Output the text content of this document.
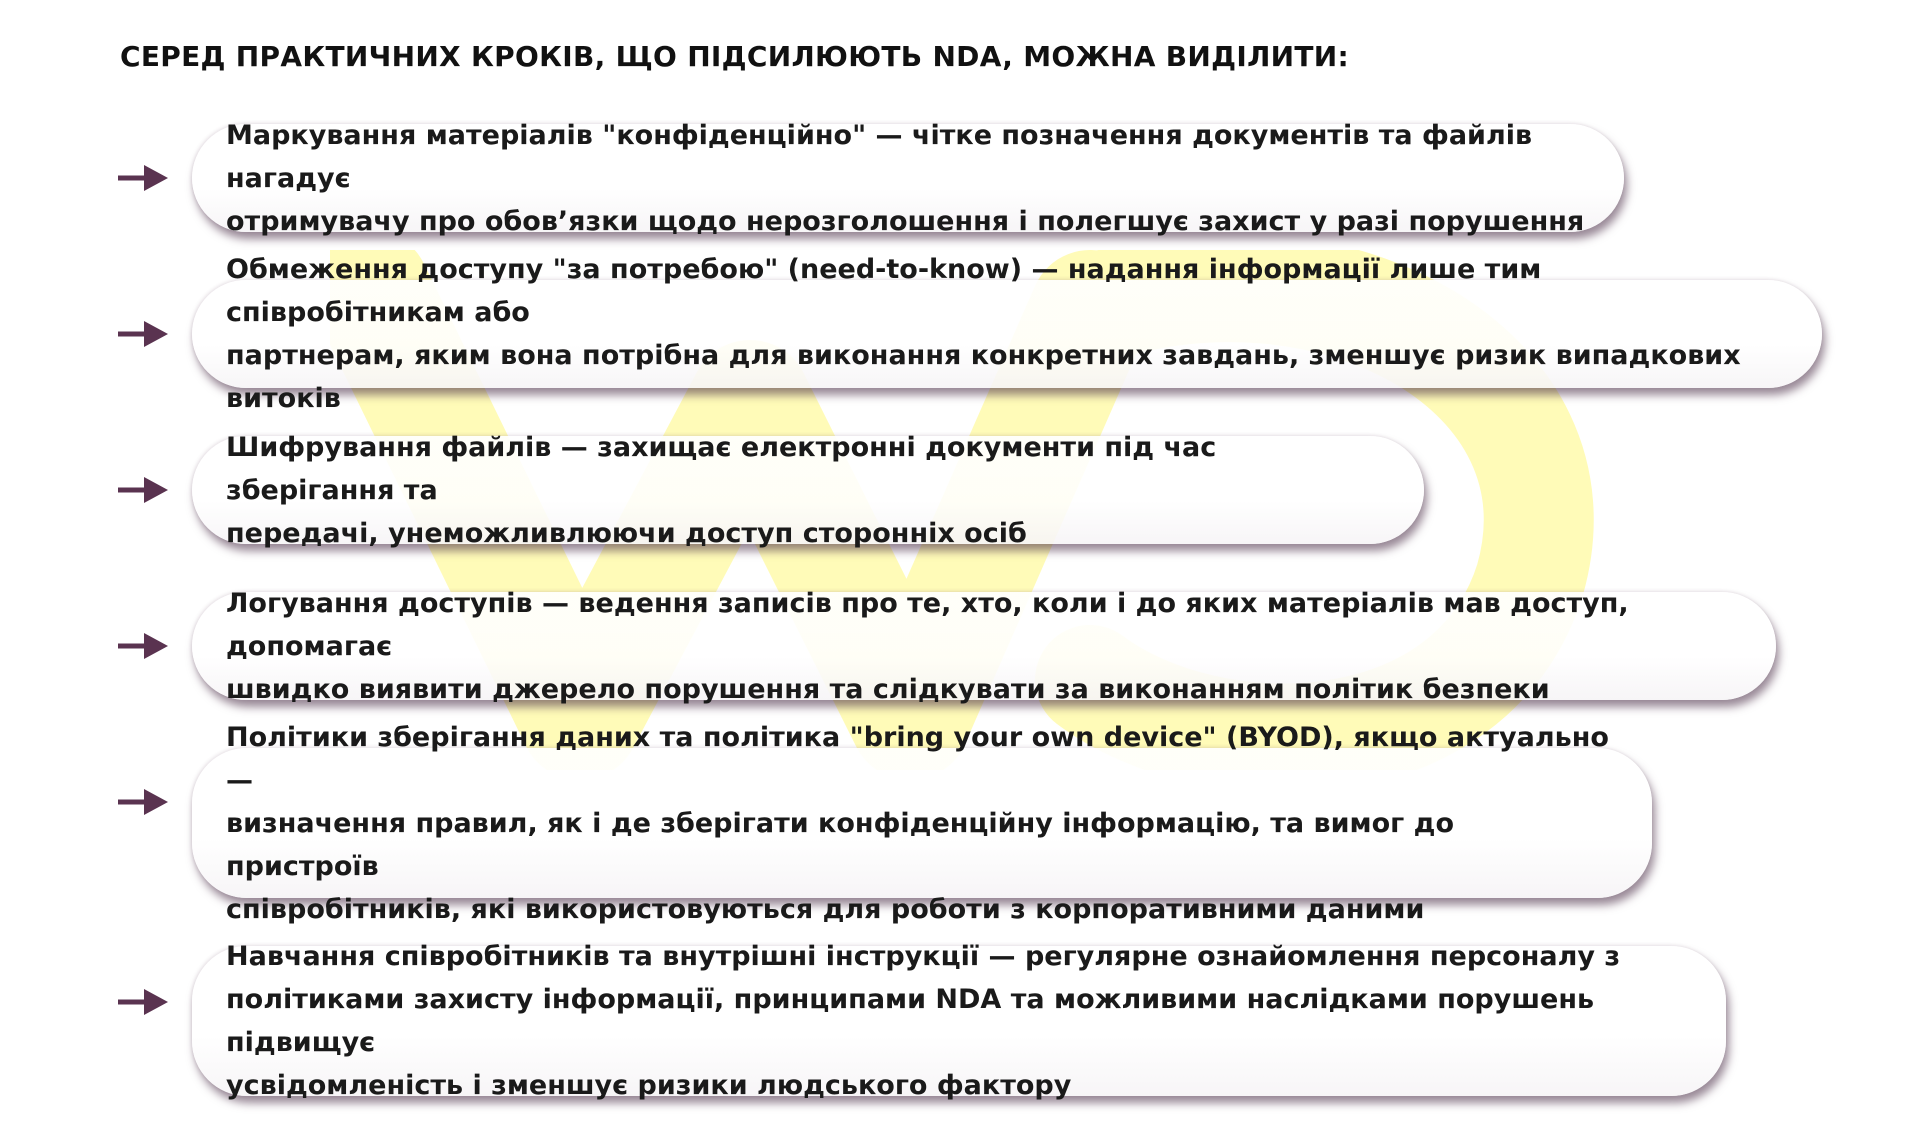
СЕРЕД ПРАКТИЧНИХ КРОКІВ, ЩО ПІДСИЛЮЮТЬ NDA, МОЖНА ВИДІЛИТИ:
Маркування матеріалів "конфіденційно" — чітке позначення документів та файлів нагадує
отримувачу про обов’язки щодо нерозголошення і полегшує захист у разі порушення
Обмеження доступу "за потребою" (need-to-know) — надання інформації лише тим співробітникам або
партнерам, яким вона потрібна для виконання конкретних завдань, зменшує ризик випадкових витоків
Шифрування файлів — захищає електронні документи під час зберігання та
передачі, унеможливлюючи доступ сторонніх осіб
Логування доступів — ведення записів про те, хто, коли і до яких матеріалів мав доступ, допомагає
швидко виявити джерело порушення та слідкувати за виконанням політик безпеки
Політики зберігання даних та політика "bring your own device" (BYOD), якщо актуально —
визначення правил, як і де зберігати конфіденційну інформацію, та вимог до пристроїв
співробітників, які використовуються для роботи з корпоративними даними
Навчання співробітників та внутрішні інструкції — регулярне ознайомлення персоналу з
політиками захисту інформації, принципами NDA та можливими наслідками порушень підвищує
усвідомленість і зменшує ризики людського фактору
